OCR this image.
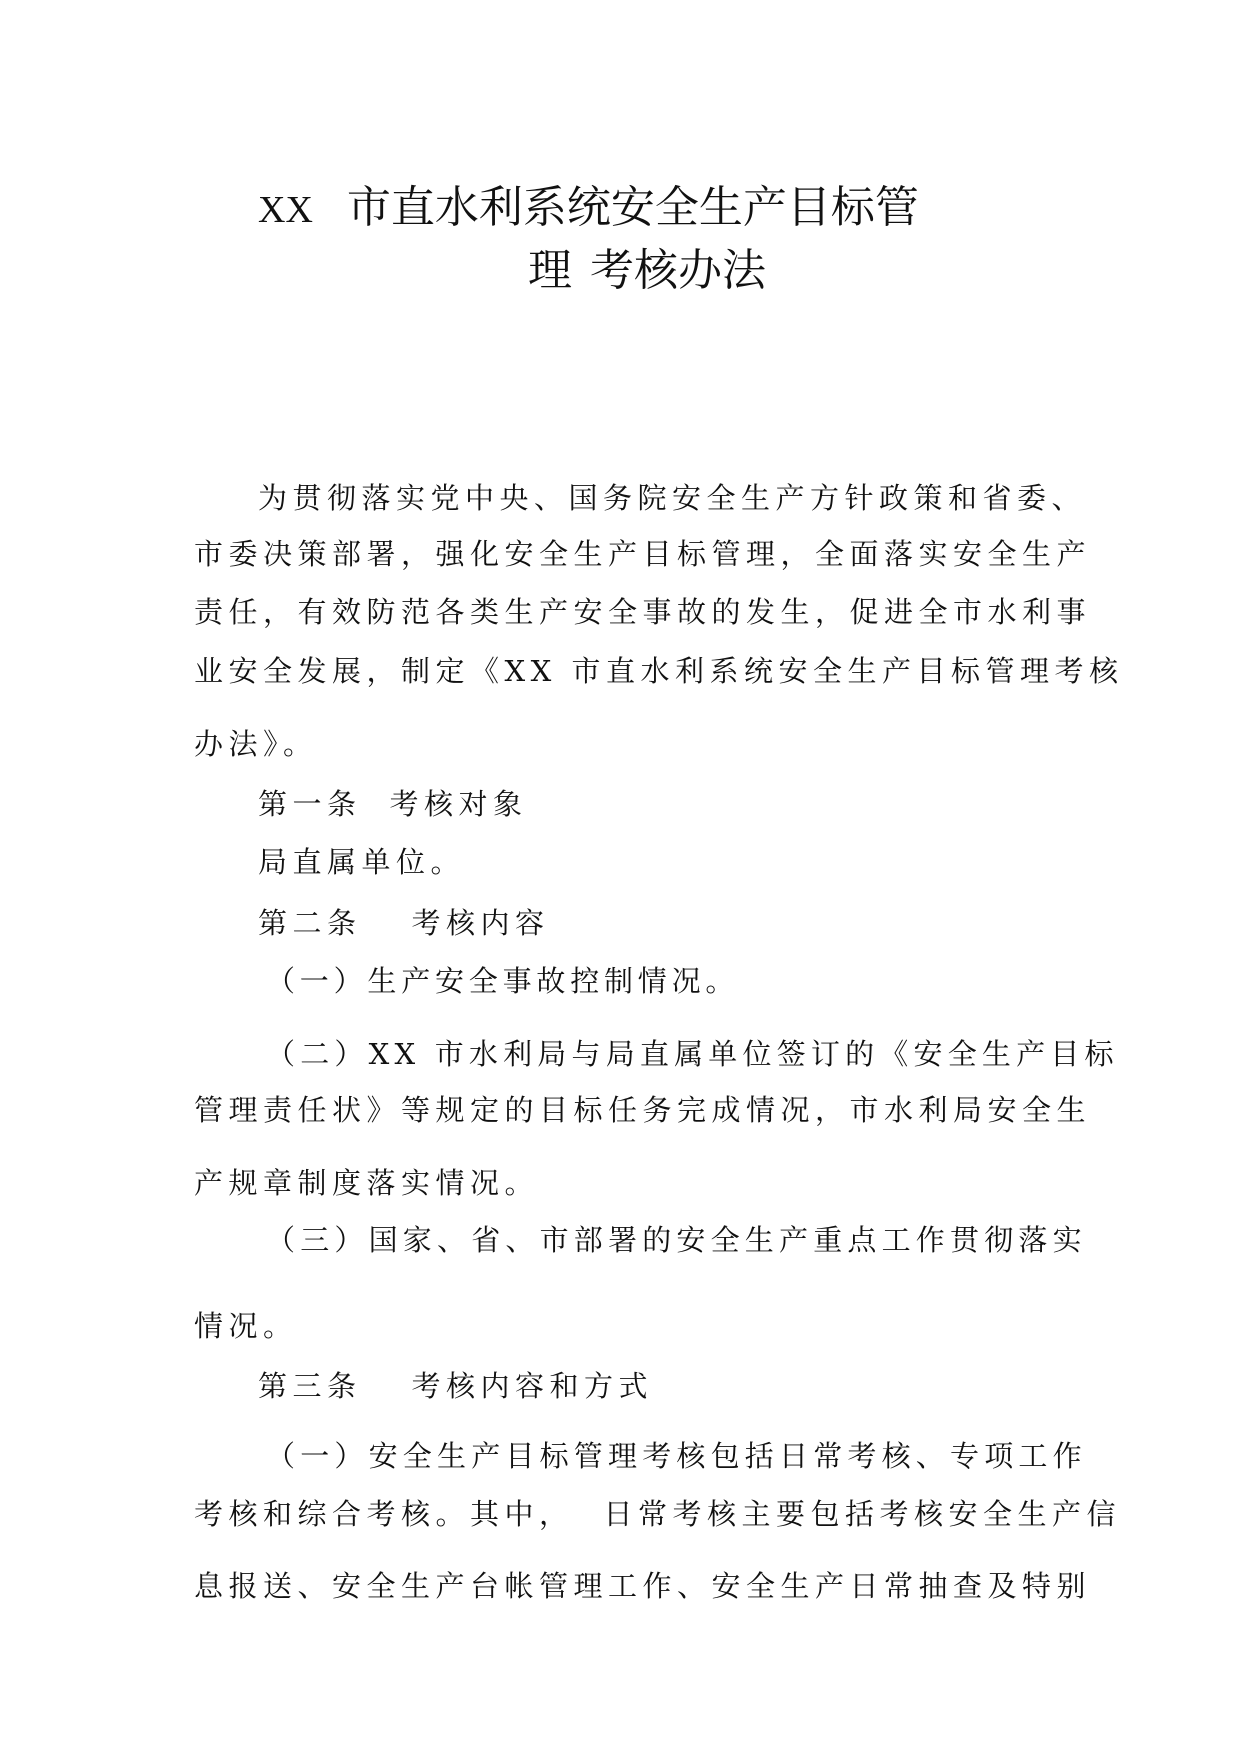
XX 市直水利系统安全生产目标管
理 考核办法
为贯彻落实党中央、国务院安全生产方针政策和省委、
市委决策部署，强化安全生产目标管理，全面落实安全生产
责任，有效防范各类生产安全事故的发生，促进全市水利事
业安全发展，制定《XX 市直水利系统安全生产目标管理考核
办法》。
第一条 考核对象
局直属单位。
第二条 考核内容
（一）生产安全事故控制情况。
（二）XX 市水利局与局直属单位签订的《安全生产目标
管理责任状》等规定的目标任务完成情况，市水利局安全生
产规章制度落实情况。
（三）国家、省、市部署的安全生产重点工作贯彻落实
情况。
第三条 考核内容和方式
（一）安全生产目标管理考核包括日常考核、专项工作
考核和综合考核。其中， 日常考核主要包括考核安全生产信
息报送、安全生产台帐管理工作、安全生产日常抽查及特别
